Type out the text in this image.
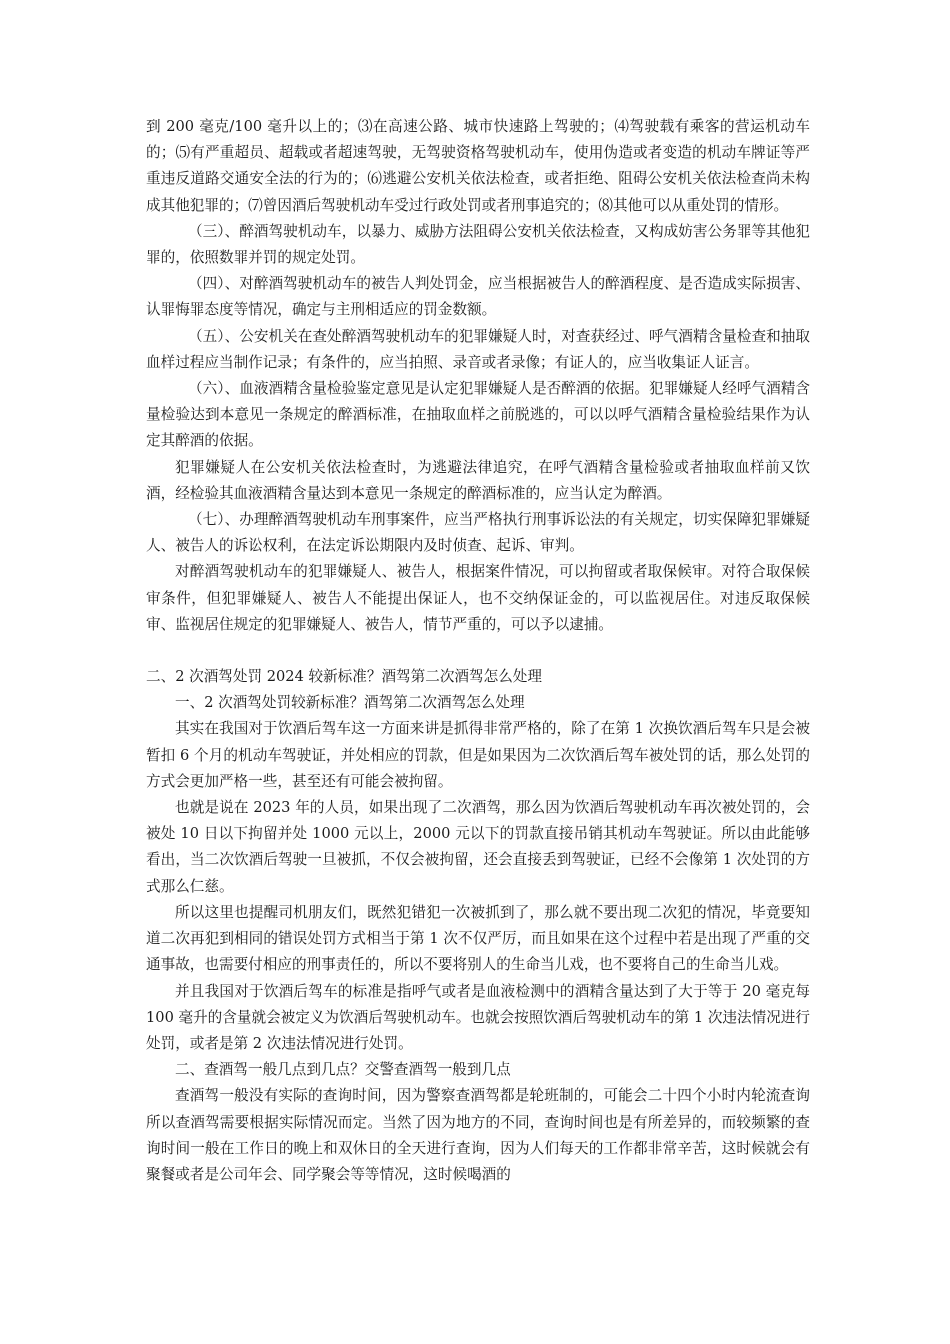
到 200 毫克/100 毫升以上的；⑶在高速公路、城市快速路上驾驶的；⑷驾驶载有乘客的营运机动车的；⑸有严重超员、超载或者超速驾驶，无驾驶资格驾驶机动车，使用伪造或者变造的机动车牌证等严重违反道路交通安全法的行为的；⑹逃避公安机关依法检查，或者拒绝、阻碍公安机关依法检查尚未构成其他犯罪的；⑺曾因酒后驾驶机动车受过行政处罚或者刑事追究的；⑻其他可以从重处罚的情形。

（三）、醉酒驾驶机动车，以暴力、威胁方法阻碍公安机关依法检查，又构成妨害公务罪等其他犯罪的，依照数罪并罚的规定处罚。

（四）、对醉酒驾驶机动车的被告人判处罚金，应当根据被告人的醉酒程度、是否造成实际损害、认罪悔罪态度等情况，确定与主刑相适应的罚金数额。

（五）、公安机关在查处醉酒驾驶机动车的犯罪嫌疑人时，对查获经过、呼气酒精含量检查和抽取血样过程应当制作记录；有条件的，应当拍照、录音或者录像；有证人的，应当收集证人证言。

（六）、血液酒精含量检验鉴定意见是认定犯罪嫌疑人是否醉酒的依据。犯罪嫌疑人经呼气酒精含量检验达到本意见一条规定的醉酒标准，在抽取血样之前脱逃的，可以以呼气酒精含量检验结果作为认定其醉酒的依据。

犯罪嫌疑人在公安机关依法检查时，为逃避法律追究，在呼气酒精含量检验或者抽取血样前又饮酒，经检验其血液酒精含量达到本意见一条规定的醉酒标准的，应当认定为醉酒。

（七）、办理醉酒驾驶机动车刑事案件，应当严格执行刑事诉讼法的有关规定，切实保障犯罪嫌疑人、被告人的诉讼权利，在法定诉讼期限内及时侦查、起诉、审判。

对醉酒驾驶机动车的犯罪嫌疑人、被告人，根据案件情况，可以拘留或者取保候审。对符合取保候审条件，但犯罪嫌疑人、被告人不能提出保证人，也不交纳保证金的，可以监视居住。对违反取保候审、监视居住规定的犯罪嫌疑人、被告人，情节严重的，可以予以逮捕。

二、2 次酒驾处罚 2024 较新标准？酒驾第二次酒驾怎么处理

一、2 次酒驾处罚较新标准？酒驾第二次酒驾怎么处理

其实在我国对于饮酒后驾车这一方面来讲是抓得非常严格的，除了在第 1 次换饮酒后驾车只是会被暂扣 6 个月的机动车驾驶证，并处相应的罚款，但是如果因为二次饮酒后驾车被处罚的话，那么处罚的方式会更加严格一些，甚至还有可能会被拘留。

也就是说在 2023 年的人员，如果出现了二次酒驾，那么因为饮酒后驾驶机动车再次被处罚的，会被处 10 日以下拘留并处 1000 元以上，2000 元以下的罚款直接吊销其机动车驾驶证。所以由此能够看出，当二次饮酒后驾驶一旦被抓，不仅会被拘留，还会直接丢到驾驶证，已经不会像第 1 次处罚的方式那么仁慈。

所以这里也提醒司机朋友们，既然犯错犯一次被抓到了，那么就不要出现二次犯的情况，毕竟要知道二次再犯到相同的错误处罚方式相当于第 1 次不仅严厉，而且如果在这个过程中若是出现了严重的交通事故，也需要付相应的刑事责任的，所以不要将别人的生命当儿戏，也不要将自己的生命当儿戏。

并且我国对于饮酒后驾车的标准是指呼气或者是血液检测中的酒精含量达到了大于等于 20 毫克每 100 毫升的含量就会被定义为饮酒后驾驶机动车。也就会按照饮酒后驾驶机动车的第 1 次违法情况进行处罚，或者是第 2 次违法情况进行处罚。

二、查酒驾一般几点到几点？交警查酒驾一般到几点

查酒驾一般没有实际的查询时间，因为警察查酒驾都是轮班制的，可能会二十四个小时内轮流查询所以查酒驾需要根据实际情况而定。当然了因为地方的不同，查询时间也是有所差异的，而较频繁的查询时间一般在工作日的晚上和双休日的全天进行查询，因为人们每天的工作都非常辛苦，这时候就会有聚餐或者是公司年会、同学聚会等等情况，这时候喝酒的
